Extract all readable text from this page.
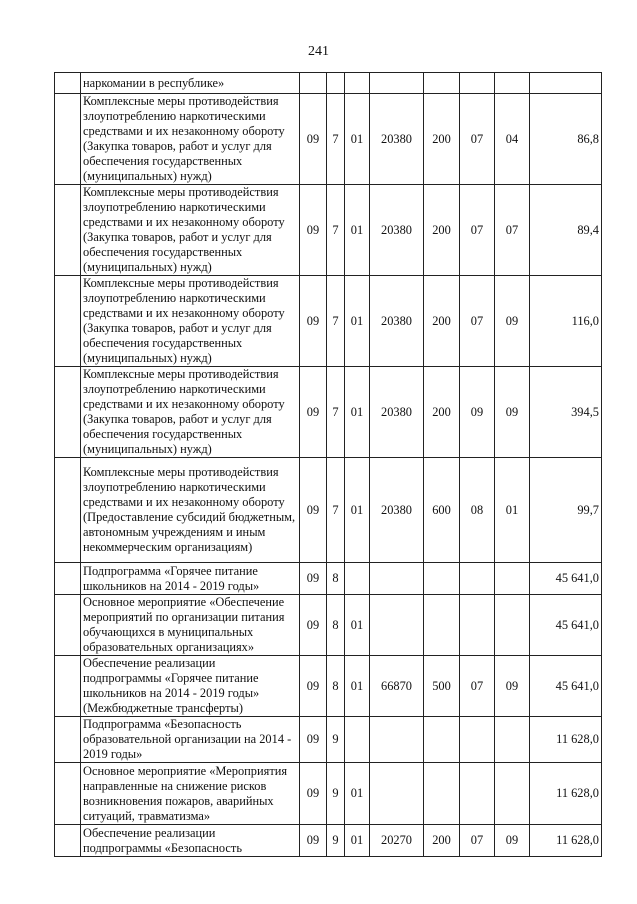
241
	наркомании в республике»								
	Комплексные меры противодействия злоупотреблению наркотическими средствами и их незаконному обороту (Закупка товаров, работ и услуг для обеспечения государственных (муниципальных) нужд)	09	7	01	20380	200	07	04	86,8
	Комплексные меры противодействия злоупотреблению наркотическими средствами и их незаконному обороту (Закупка товаров, работ и услуг для обеспечения государственных (муниципальных) нужд)	09	7	01	20380	200	07	07	89,4
	Комплексные меры противодействия злоупотреблению наркотическими средствами и их незаконному обороту (Закупка товаров, работ и услуг для обеспечения государственных (муниципальных) нужд)	09	7	01	20380	200	07	09	116,0
	Комплексные меры противодействия злоупотреблению наркотическими средствами и их незаконному обороту (Закупка товаров, работ и услуг для обеспечения государственных (муниципальных) нужд)	09	7	01	20380	200	09	09	394,5
	Комплексные меры противодействия злоупотреблению наркотическими средствами и их незаконному обороту (Предоставление субсидий бюджетным, автономным учреждениям и иным некоммерческим организациям)	09	7	01	20380	600	08	01	99,7
	Подпрограмма «Горячее питание школьников на 2014 - 2019 годы»	09	8						45 641,0
	Основное мероприятие «Обеспечение мероприятий по организации питания обучающихся в муниципальных образовательных организациях»	09	8	01					45 641,0
	Обеспечение реализации подпрограммы «Горячее питание школьников на 2014 - 2019 годы» (Межбюджетные трансферты)	09	8	01	66870	500	07	09	45 641,0
	Подпрограмма «Безопасность образовательной организации на 2014 - 2019 годы»	09	9						11 628,0
	Основное мероприятие «Мероприятия направленные на снижение рисков возникновения пожаров, аварийных ситуаций, травматизма»	09	9	01					11 628,0
	Обеспечение реализации подпрограммы «Безопасность	09	9	01	20270	200	07	09	11 628,0
